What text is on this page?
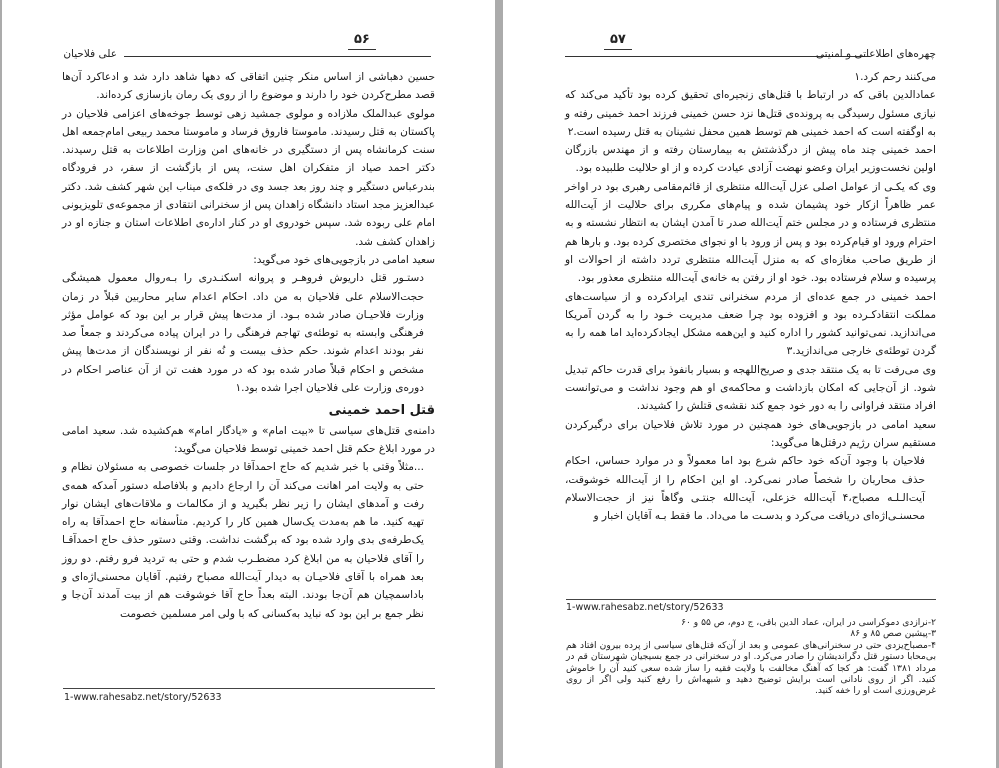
۵۶
علی فلاحیان

حسین دهباشی از اساس منکر چنین اتفاقی که دهها شاهد دارد شد و ادعاکرد آن‌ها قصد مطرح‌کردن خود را دارند و موضوع را از روی یک رمان بازسازی کرده‌اند.

مولوی عبدالملک ملازاده و مولوی جمشید زهی توسط جوخه‌های اعزامی فلاحیان در پاکستان به قتل رسیدند. ماموستا فاروق فرساد و ماموستا محمد ربیعی امام‌جمعه اهل سنت کرمانشاه پس از دستگیری در خانه‌های امن وزارت اطلاعات به قتل رسیدند. دکتر احمد صیاد از متفکران اهل سنت، پس از بازگشت از سفر، در فرودگاه بندرعباس دستگیر و چند روز بعد جسد وی در فلکه‌ی میناب این شهر کشف شد. دکتر عبدالعزیز مجد استاد دانشگاه زاهدان پس از سخنرانی انتقادی از مجموعه‌ی تلویزیونی امام علی ربوده شد. سپس خودروی او در کنار اداره‌ی اطلاعات استان و جنازه او در زاهدان کشف شد.

سعید امامی در بازجویی‌های خود می‌گوید:

دستـور قتل داریوش فروهـر و پروانه اسکنـدری را بـه‌روال معمول همیشگی حجت‌الاسلام علی فلاحیان به من داد. احکام اعدام سایر محاربین قبلاً در زمان وزارت فلاحیـان صادر شده بـود. از مدت‌ها پیش قرار بر این بود که عوامل مؤثر فرهنگی وابسته به توطئه‌ی تهاجم فرهنگی را در ایران پیاده می‌کردند و جمعاً صد نفر بودند اعدام شوند. حکم حذف بیست و نُه نفر از نویسندگان از مدت‌ها پیش مشخص و احکام قبلاً صادر شده بود که در مورد هفت تن از آن عناصر احکام در دوره‌ی وزارت علی فلاحیان اجرا شده بود.۱

قتل احمد خمینی

دامنه‌ی قتل‌های سیاسی تا «بیت امام» و «یادگار امام» هم‌کشیده شد. سعید امامی در مورد ابلاغ حکم قتل احمد خمینی توسط فلاحیان می‌گوید:

...مثلاً وقتی با خبر شدیم که حاج احمدآقا در جلسات خصوصی به مسئولان نظام و حتی به ولایت امر اهانت می‌کند آن را ارجاع دادیم و بلافاصله دستور آمدکه همه‌ی رفت و آمدهای ایشان را زیر نظر بگیرید و از مکالمات و ملاقات‌های ایشان نوار تهیه کنید. ما هم به‌مدت یک‌سال همین کار را کردیم. متأسفانه حاج احمدآقا به راه یک‌طرفه‌ی بدی وارد شده بود که برگشت نداشت. وقتی دستور حذف حاج احمدآقـا را آقای فلاحیان به من ابلاغ کرد مضطـرب شدم و حتی به تردید فرو رفتم. دو روز بعد همراه با آقای فلاحیـان به دیدار آیت‌الله مصباح رفتیم. آقایان محسنی‌اژه‌ای و باداسمچیان هم آن‌جا بودند. البته بعداً حاج آقا خوشوقت هم از بیت آمدند آن‌جا و نظر جمع بر این بود که نباید به‌کسانی که با ولی امر مسلمین خصومت

1-www.rahesabz.net/story/52633
۵۷
چهره‌های اطلاعاتی و امنیتی

می‌کنند رحم کرد.۱

عمادالدین باقی که در ارتباط با قتل‌های زنجیره‌ای تحقیق کرده بود تأکید می‌کند که نیازی مسئول رسیدگی به پرونده‌ی قتل‌ها نزد حسن خمینی فرزند احمد خمینی رفته و به اوگفته است که احمد خمینی هم توسط همین محفل نشینان به قتل رسیده است.۲

احمد خمینی چند ماه پیش از درگذشتش به بیمارستان رفته و از مهندس بازرگان اولین نخست‌وزیر ایران وعضو نهضت آزادی عیادت کرده و از او حلالیت طلبیده بود.

وی که یکـی از عوامل اصلی عزل آیت‌الله منتظری از قائم‌مقامی رهبری بود در اواخر عمر ظاهراً ازکار خود پشیمان شده و پیام‌های مکرری برای حلالیت از آیت‌الله منتظری فرستاده و در مجلس ختم آیت‌الله صدر تا آمدن ایشان به انتظار نشسته و به احترام ورود او قیام‌کرده بود و پس از ورود با او نجوای مختصری کرده بود. و بارها هم از طریق صاحب مغازه‌ای که به منزل آیت‌الله منتظری تردد داشته از احوالات او پرسیده و سلام فرستاده بود. خود او از رفتن به خانه‌ی آیت‌الله منتظری معذور بود.

احمد خمینی در جمع عده‌ای از مردم سخنرانی تندی ایرادکرده و از سیاست‌های مملکت انتقادکـرده بود و افزوده بود چرا ضعف مدیریت خـود را به گردن آمریکا می‌اندازید. نمی‌توانید کشور را اداره کنید و این‌همه مشکل ایجادکرده‌اید اما همه را به گردن توطئه‌ی خارجی می‌اندازید.۳

وی می‌رفت تا به یک منتقد جدی و صریح‌اللهجه و بسیار بانفوذ برای قدرت حاکم تبدیل شود. از آن‌جایی که امکان بازداشت و محاکمه‌ی او هم وجود نداشت و می‌توانست افراد منتقد فراوانی را به دور خود جمع کند نقشه‌ی قتلش را کشیدند.

سعید امامی در بازجویی‌های خود همچنین در مورد تلاش فلاحیان برای درگیرکردن مستقیم سران رژیم درقتل‌ها می‌گوید:

فلاحیان با وجود آن‌که خود حاکم شرع بود اما معمولاً و در موارد حساس، احکام حذف محاربان را شخصاً صادر نمی‌کرد. او این احکام را از آیت‌الله خوشوقت، آیت‌الـلـه مصباح،۴ آیت‌الله خزعلی، آیت‌الله جنتـی وگاهاً نیز از حجت‌الاسلام محسنـی‌اژه‌ای دریافت می‌کرد و بدسـت ما می‌داد. ما فقط بـه آقایان اخبار و

1-www.rahesabz.net/story/52633
۲-نرازدی دموکراسی در ایران، عماد الدین باقی، ج دوم، ص ۵۵ و ۶۰
۳-پیشین صص ۸۵ و ۸۶
۴-مصباح‌یزدی حتی در سخنرانی‌های عمومی و بعد از آن‌که قتل‌های سیاسی از پرده بیرون افتاد هم بی‌محابا دستور قتل دگراندیشان را صادر می‌کرد. او در سخنرانی در جمع بسیجیان شهرستان قم در مرداد ۱۳۸۱ گفت: هر کجا که آهنگ مخالفت با ولایت فقیه را ساز شده سعی کنید آن را خاموش کنید. اگر از روی نادانی است برایش توضیح دهید و شبهه‌اش را رفع کنید ولی اگر از روی غرض‌ورزی است او را خفه کنید.
